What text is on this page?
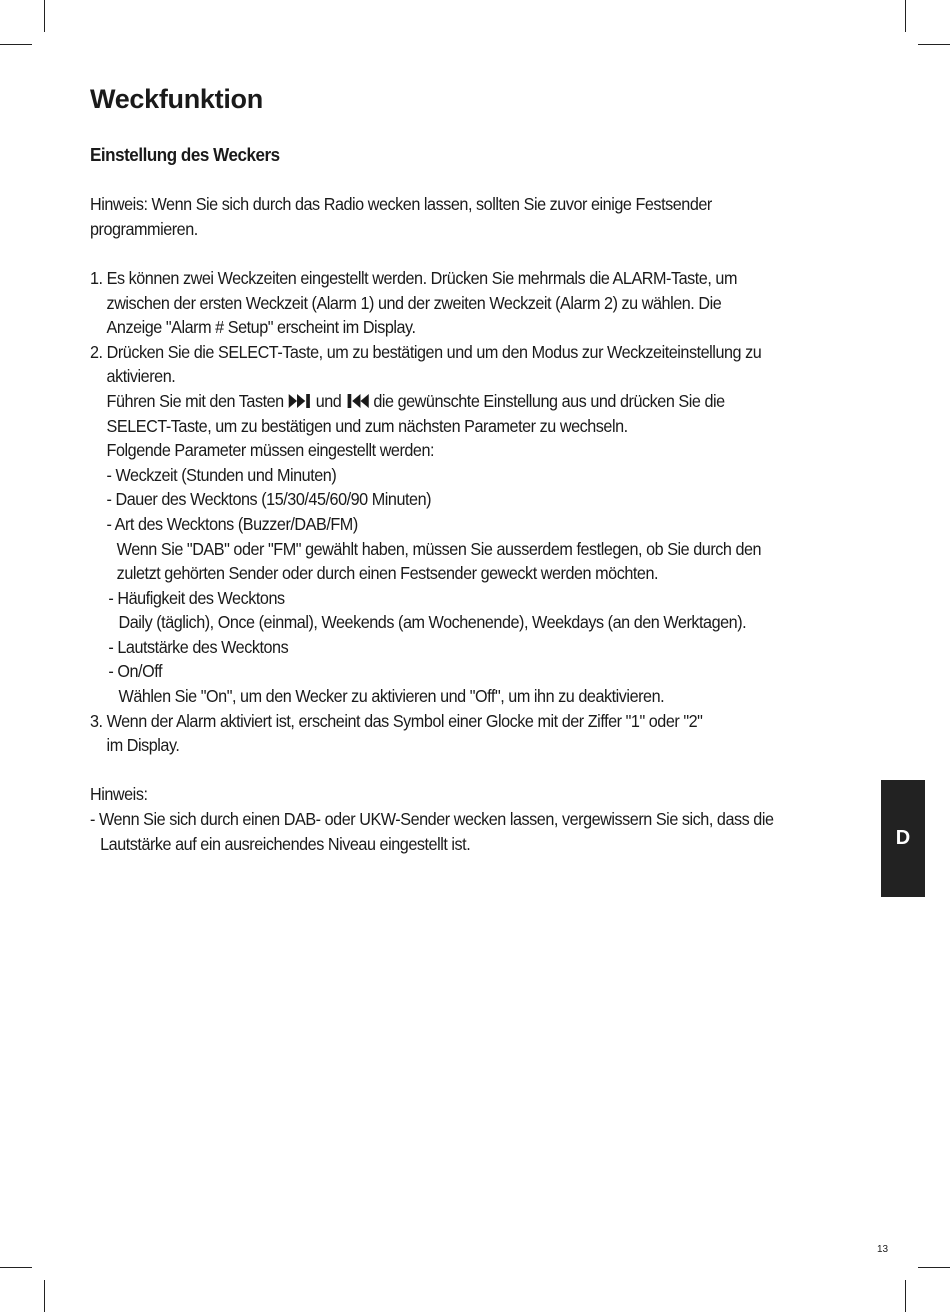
Weckfunktion
Einstellung des Weckers
Hinweis: Wenn Sie sich durch das Radio wecken lassen, sollten Sie zuvor einige Festsender
programmieren.
1. Es können zwei Weckzeiten eingestellt werden. Drücken Sie mehrmals die ALARM-Taste, um
zwischen der ersten Weckzeit (Alarm 1) und der zweiten Weckzeit (Alarm 2) zu wählen. Die
Anzeige "Alarm # Setup" erscheint im Display.
2. Drücken Sie die SELECT-Taste, um zu bestätigen und um den Modus zur Weckzeiteinstellung zu
aktivieren.
Führen Sie mit den Tasten und die gewünschte Einstellung aus und drücken Sie die
SELECT-Taste, um zu bestätigen und zum nächsten Parameter zu wechseln.
Folgende Parameter müssen eingestellt werden:
- Weckzeit (Stunden und Minuten)
- Dauer des Wecktons (15/30/45/60/90 Minuten)
- Art des Wecktons (Buzzer/DAB/FM)
Wenn Sie "DAB" oder "FM" gewählt haben, müssen Sie ausserdem festlegen, ob Sie durch den
zuletzt gehörten Sender oder durch einen Festsender geweckt werden möchten.
- Häufigkeit des Wecktons
Daily (täglich), Once (einmal), Weekends (am Wochenende), Weekdays (an den Werktagen).
- Lautstärke des Wecktons
- On/Off
Wählen Sie "On", um den Wecker zu aktivieren und "Off", um ihn zu deaktivieren.
3. Wenn der Alarm aktiviert ist, erscheint das Symbol einer Glocke mit der Ziffer "1" oder "2"
im Display.
Hinweis:
- Wenn Sie sich durch einen DAB- oder UKW-Sender wecken lassen, vergewissern Sie sich, dass die
Lautstärke auf ein ausreichendes Niveau eingestellt ist.	D
13
